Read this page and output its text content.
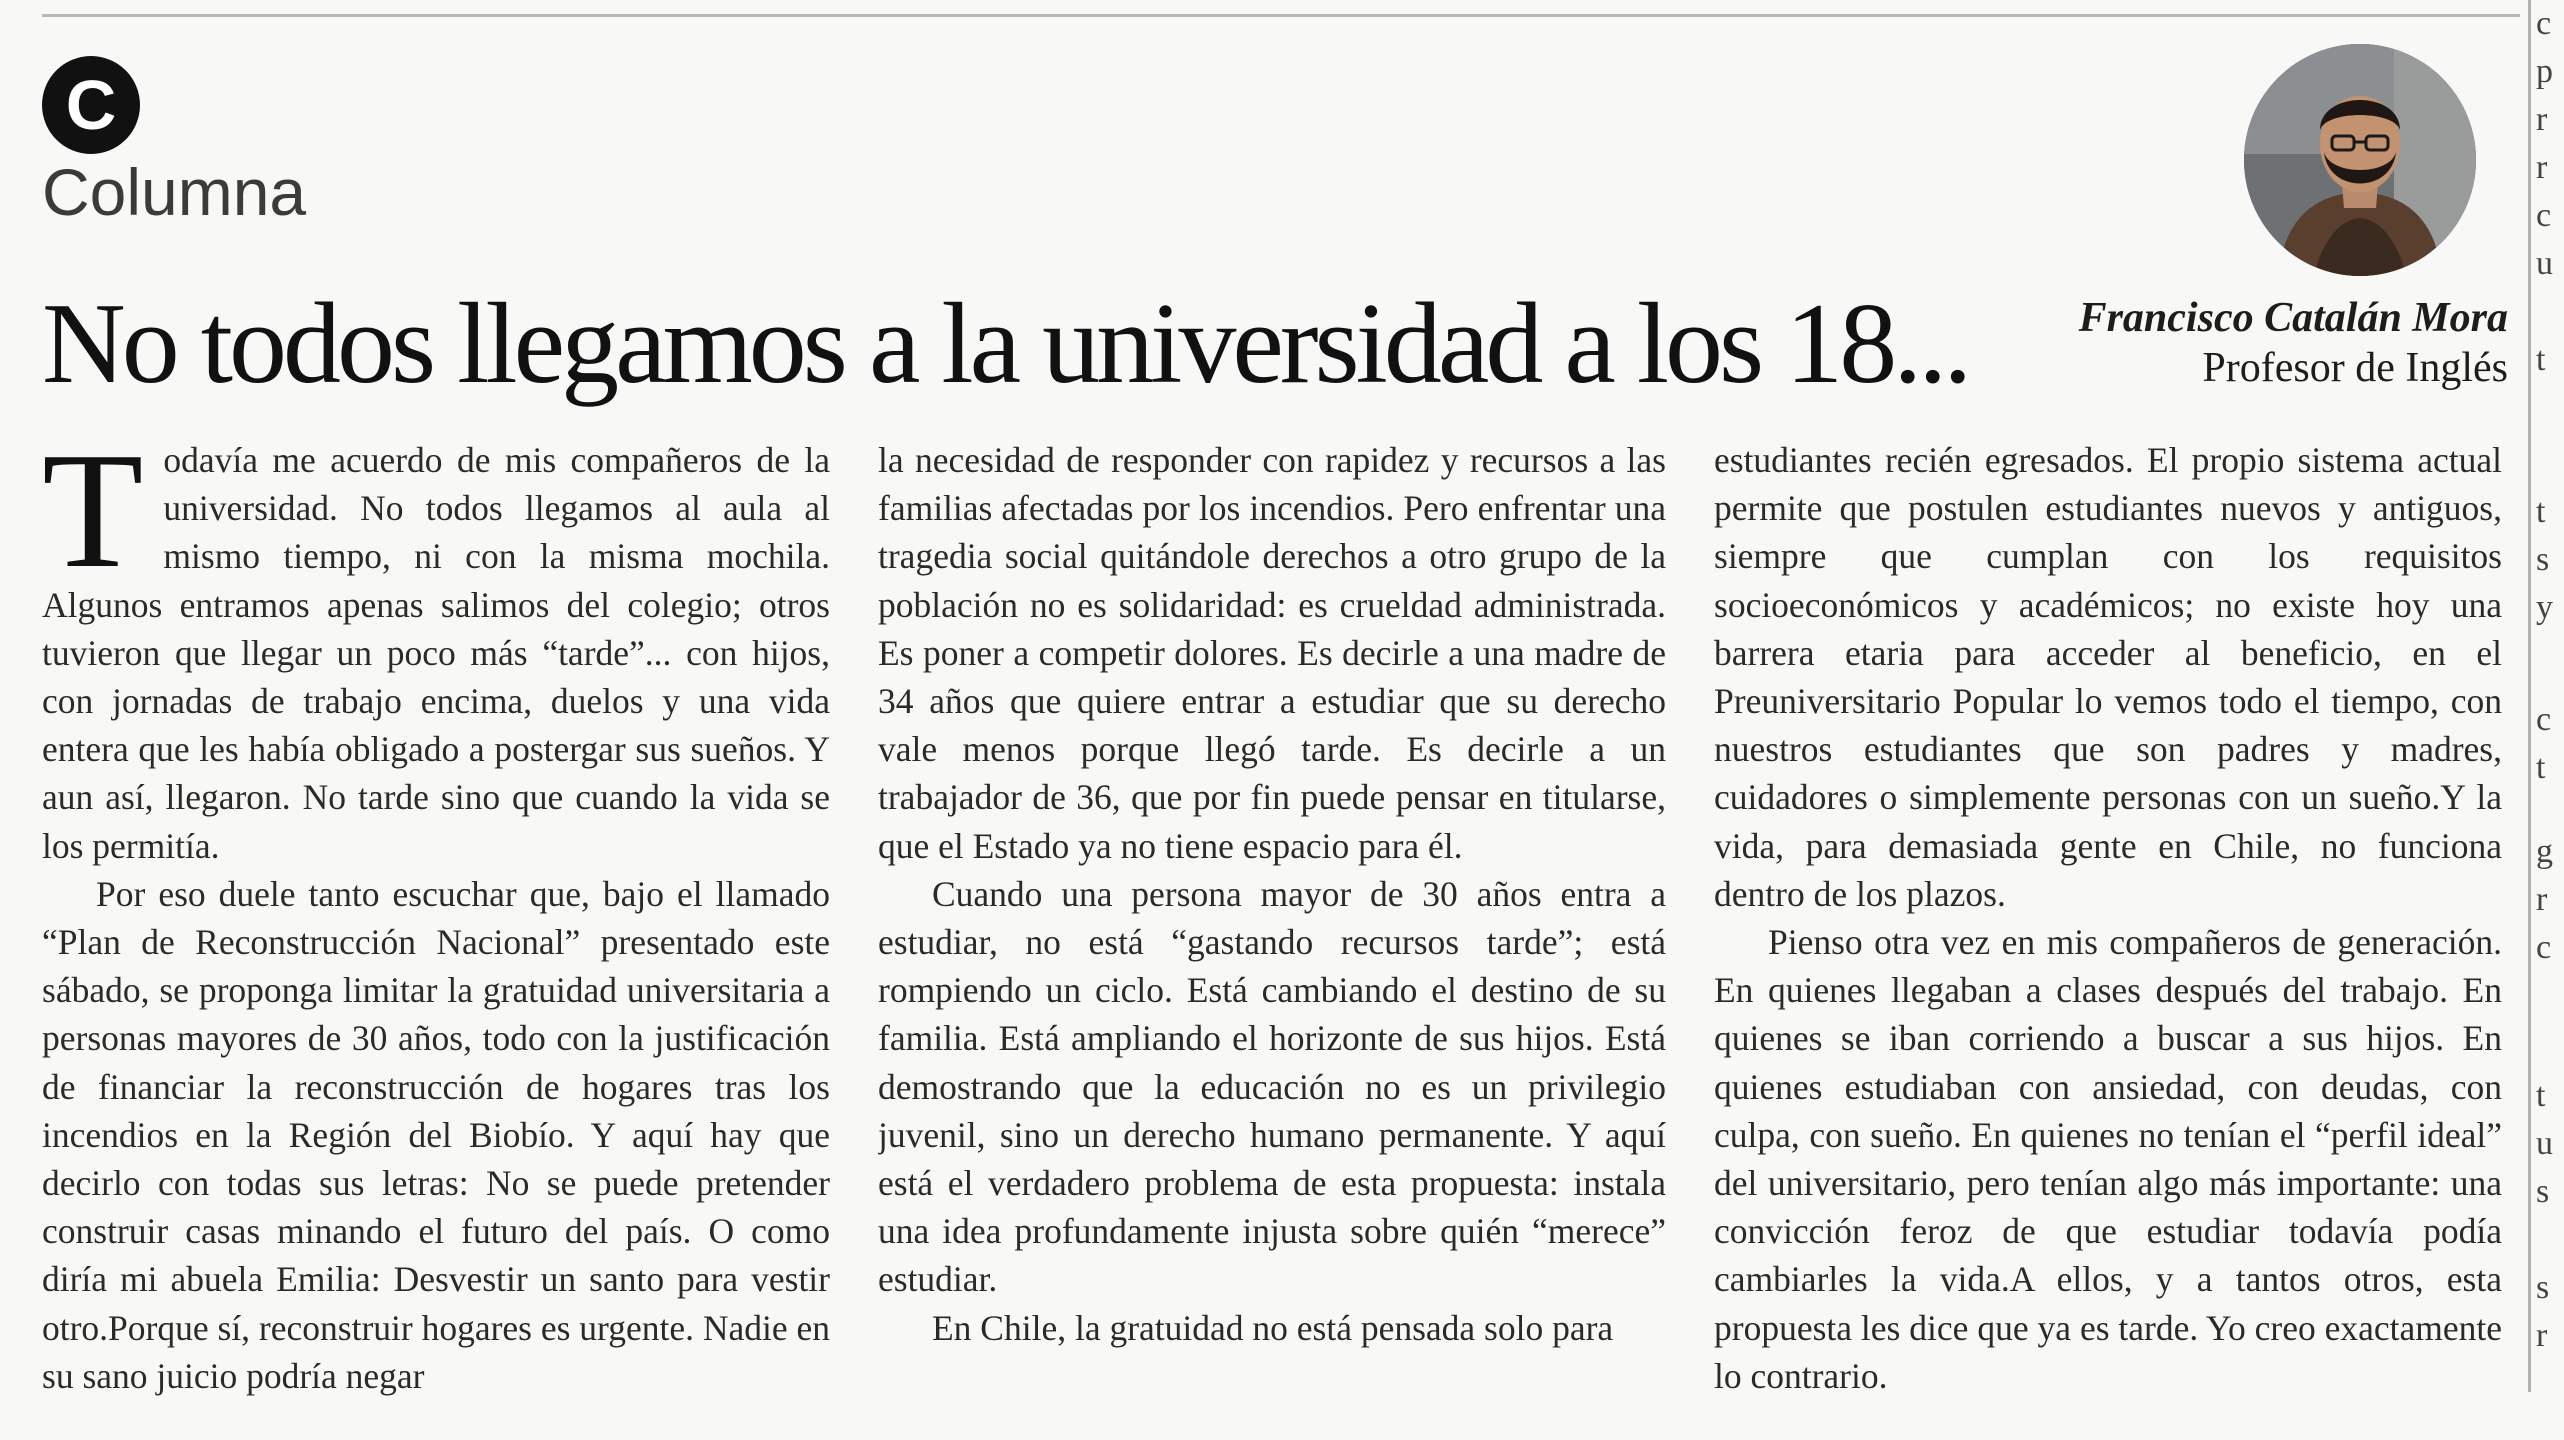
C
Columna
No todos llegamos a la universidad a los 18...	Francisco Catalán Mora
Profesor de Inglés

Todavía me acuerdo de mis compañeros de la universidad. No todos llegamos al aula al mismo tiempo, ni con la misma mochila. Algunos entramos apenas salimos del colegio; otros tuvieron que llegar un poco más “tarde”... con hijos, con jornadas de trabajo encima, duelos y una vida entera que les había obligado a postergar sus sueños. Y aun así, llegaron. No tarde sino que cuando la vida se los permitía.

Por eso duele tanto escuchar que, bajo el llamado “Plan de Reconstrucción Nacional” presentado este sábado, se proponga limitar la gratuidad universitaria a personas mayores de 30 años, todo con la justificación de financiar la reconstrucción de hogares tras los incendios en la Región del Biobío. Y aquí hay que decirlo con todas sus letras: No se puede pretender construir casas minando el futuro del país. O como diría mi abuela Emilia: Desvestir un santo para vestir otro.Porque sí, reconstruir hogares es urgente. Nadie en su sano juicio podría negar

la necesidad de responder con rapidez y recursos a las familias afectadas por los incendios. Pero enfrentar una tragedia social quitándole derechos a otro grupo de la población no es solidaridad: es crueldad administrada. Es poner a competir dolores. Es decirle a una madre de 34 años que quiere entrar a estudiar que su derecho vale menos porque llegó tarde. Es decirle a un trabajador de 36, que por fin puede pensar en titularse, que el Estado ya no tiene espacio para él.

Cuando una persona mayor de 30 años entra a estudiar, no está “gastando recursos tarde”; está rompiendo un ciclo. Está cambiando el destino de su familia. Está ampliando el horizonte de sus hijos. Está demostrando que la educación no es un privilegio juvenil, sino un derecho humano permanente. Y aquí está el verdadero problema de esta propuesta: instala una idea profundamente injusta sobre quién “merece” estudiar.

En Chile, la gratuidad no está pensada solo para

estudiantes recién egresados. El propio sistema actual permite que postulen estudiantes nuevos y antiguos, siempre que cumplan con los requisitos socioeconómicos y académicos; no existe hoy una barrera etaria para acceder al beneficio, en el Preuniversitario Popular lo vemos todo el tiempo, con nuestros estudiantes que son padres y madres, cuidadores o simplemente personas con un sueño.Y la vida, para demasiada gente en Chile, no funciona dentro de los plazos.

Pienso otra vez en mis compañeros de generación. En quienes llegaban a clases después del trabajo. En quienes se iban corriendo a buscar a sus hijos. En quienes estudiaban con ansiedad, con deudas, con culpa, con sueño. En quienes no tenían el “perfil ideal” del universitario, pero tenían algo más importante: una convicción feroz de que estudiar todavía podía cambiarles la vida.A ellos, y a tantos otros, esta propuesta les dice que ya es tarde. Yo creo exactamente lo contrario.

c
p
r
r
c
u
t
t
s
y
c
t
g
r
c
t
u
s
s
r
